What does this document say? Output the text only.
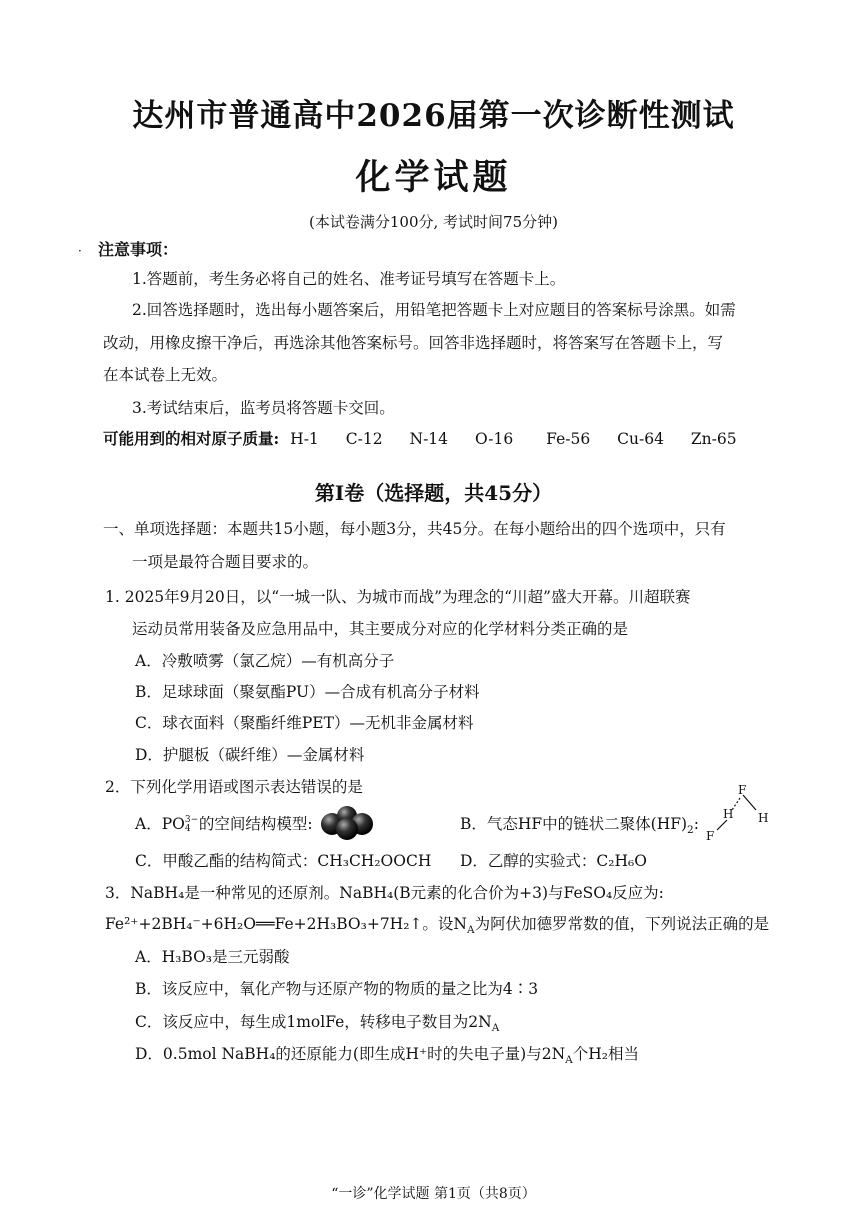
达州市普通高中2026届第一次诊断性测试
化学试题
(本试卷满分100分, 考试时间75分钟)
· 注意事项：
1.答题前，考生务必将自己的姓名、准考证号填写在答题卡上。
2.回答选择题时，选出每小题答案后，用铅笔把答题卡上对应题目的答案标号涂黑。如需
改动，用橡皮擦干净后，再选涂其他答案标号。回答非选择题时，将答案写在答题卡上，写
在本试卷上无效。
3.考试结束后，监考员将答题卡交回。
可能用到的相对原子质量: H-1 C-12 N-14 O-16 Fe-56 Cu-64 Zn-65
第Ⅰ卷（选择题，共45分）
一、单项选择题：本题共15小题，每小题3分，共45分。在每小题给出的四个选项中，只有
一项是最符合题目要求的。
1. 2025年9月20日，以“一城一队、为城市而战”为理念的“川超”盛大开幕。川超联赛
运动员常用装备及应急用品中，其主要成分对应的化学材料分类正确的是
A．冷敷喷雾（氯乙烷）—有机高分子
B．足球球面（聚氨酯PU）—合成有机高分子材料
C．球衣面料（聚酯纤维PET）—无机非金属材料
D．护腿板（碳纤维）—金属材料
2．下列化学用语或图示表达错误的是
A．PO 3−
4 的空间结构模型:	B．气态HF中的链状二聚体$(HF)_2$:
F
H
H
F
C．甲酸乙酯的结构简式：CH₃CH₂OOCH D．乙醇的实验式：C₂H₆O
3．NaBH₄是一种常见的还原剂。NaBH₄(B元素的化合价为+3)与FeSO₄反应为:
Fe²⁺+2BH₄⁻+6H₂O══Fe+2H₃BO₃+7H₂↑。设$N_A$为阿伏加德罗常数的值，下列说法正确的是
A．H₃BO₃是三元弱酸
B．该反应中，氧化产物与还原产物的物质的量之比为4∶3
C．该反应中，每生成1molFe，转移电子数目为$2N_A$
D．0.5mol NaBH₄的还原能力(即生成H⁺时的失电子量)与$2N_A$个H₂相当
“一诊”化学试题 第1页（共8页）
